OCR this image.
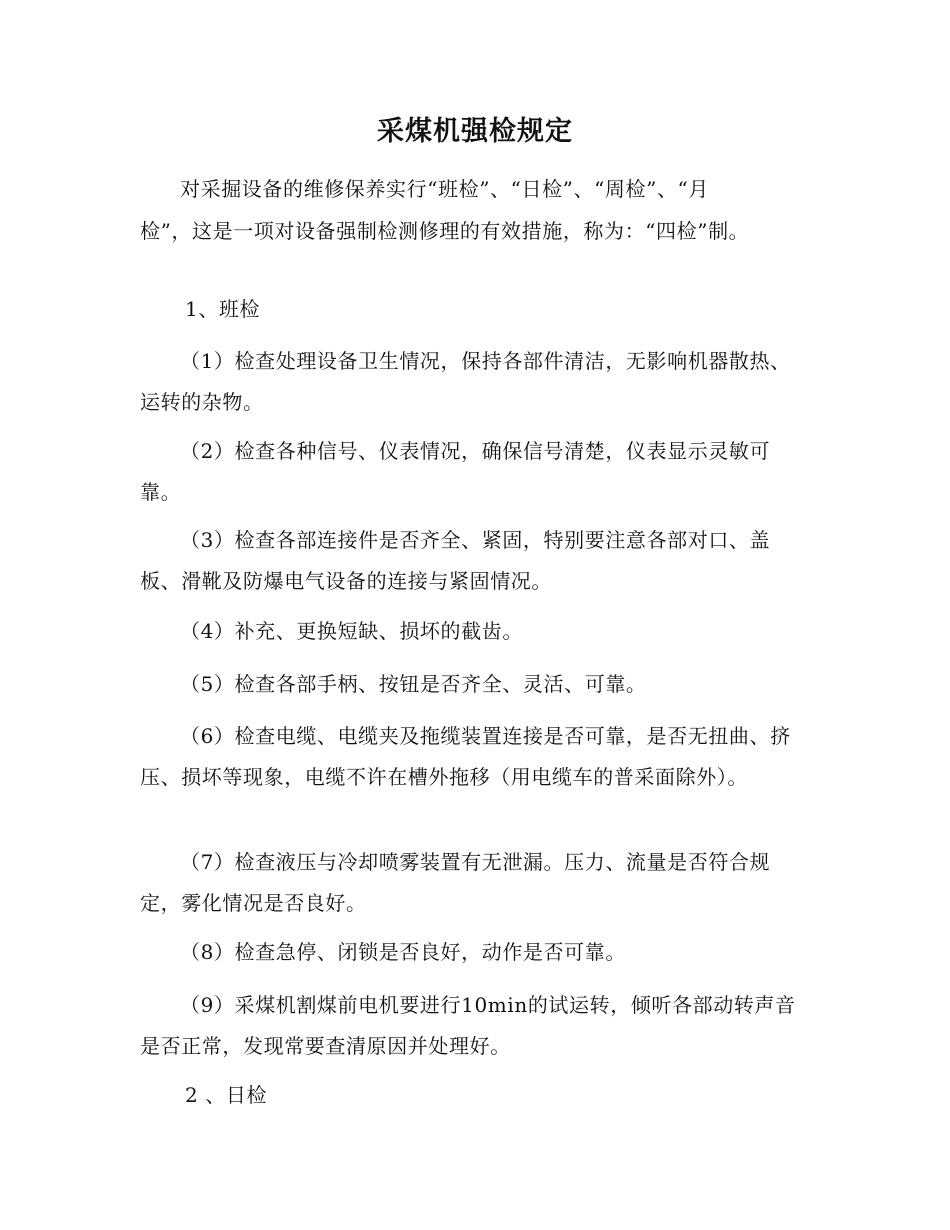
采煤机强检规定
对采掘设备的维修保养实行“班检”、“日检”、“周检”、“月检”，这是一项对设备强制检测修理的有效措施，称为：“四检”制。
1、班检
（1）检查处理设备卫生情况，保持各部件清洁，无影响机器散热、运转的杂物。
（2）检查各种信号、仪表情况，确保信号清楚，仪表显示灵敏可靠。
（3）检查各部连接件是否齐全、紧固，特别要注意各部对口、盖板、滑靴及防爆电气设备的连接与紧固情况。
（4）补充、更换短缺、损坏的截齿。
（5）检查各部手柄、按钮是否齐全、灵活、可靠。
（6）检查电缆、电缆夹及拖缆装置连接是否可靠，是否无扭曲、挤压、损坏等现象，电缆不许在槽外拖移（用电缆车的普采面除外）。
（7）检查液压与冷却喷雾装置有无泄漏。压力、流量是否符合规定，雾化情况是否良好。
（8）检查急停、闭锁是否良好，动作是否可靠。
（9）采煤机割煤前电机要进行10min的试运转，倾听各部动转声音是否正常，发现常要查清原因并处理好。
2 、日检
